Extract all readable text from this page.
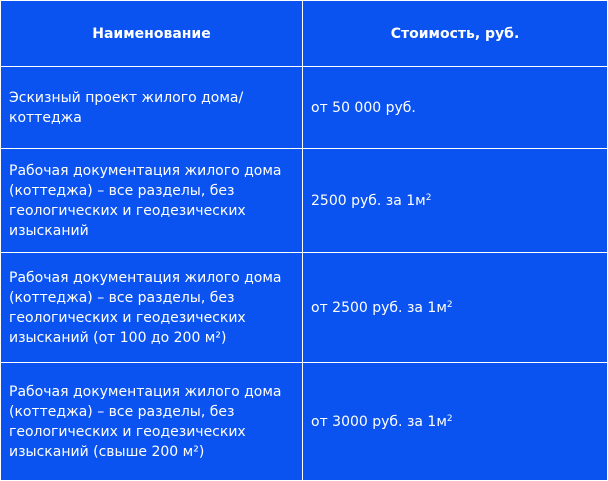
Наименование	Стоимость, руб.
Эскизный проект жилого дома/коттеджа	от 50 000 руб.
Рабочая документация жилого дома (коттеджа) – все разделы, без геологических и геодезических изысканий	2500 руб. за $1м^2$
Рабочая документация жилого дома (коттеджа) – все разделы, без геологических и геодезических изысканий (от 100 до 200 м²)	от 2500 руб. за $1м^2$
Рабочая документация жилого дома (коттеджа) – все разделы, без геологических и геодезических изысканий (свыше 200 м²)	от 3000 руб. за $1м^2$
